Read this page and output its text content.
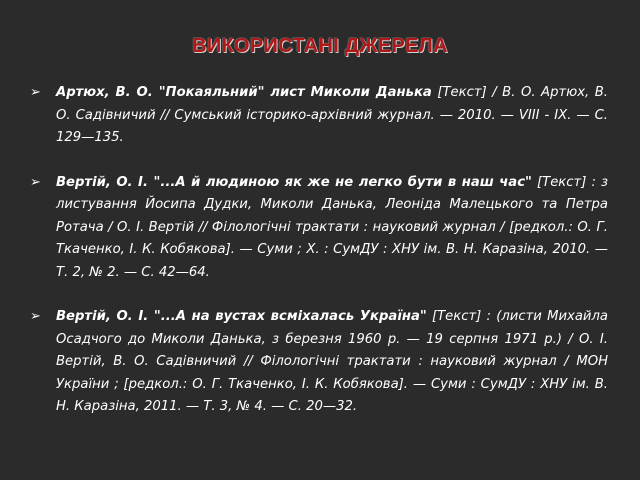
ВИКОРИСТАНІ ДЖЕРЕЛА
➢ Артюх, В. О. "Покаяльний" лист Миколи Данька [Текст] / В. О. Артюх, В. О. Садівничий // Сумський історико-архівний журнал. — 2010. — VIII - IX. — С. 129—135.
➢ Вертій, О. І. "...А й людиною як же не легко бути в наш час" [Текст] : з листування Йосипа Дудки, Миколи Данька, Леоніда Малецького та Петра Ротача / О. І. Вертій // Філологічні трактати : науковий журнал / [редкол.: О. Г. Ткаченко, І. К. Кобякова]. — Суми ; Х. : СумДУ : ХНУ ім. В. Н. Каразіна, 2010. — Т. 2, № 2. — С. 42—64.
➢ Вертій, О. І. "...А на вустах всміхалась Україна" [Текст] : (листи Михайла Осадчого до Миколи Данька, з березня 1960 р. — 19 серпня 1971 р.) / О. І. Вертій, В. О. Садівничий // Філологічні трактати : науковий журнал / МОН України ; [редкол.: О. Г. Ткаченко, І. К. Кобякова]. — Суми : СумДУ : ХНУ ім. В. Н. Каразіна, 2011. — Т. 3, № 4. — С. 20—32.
